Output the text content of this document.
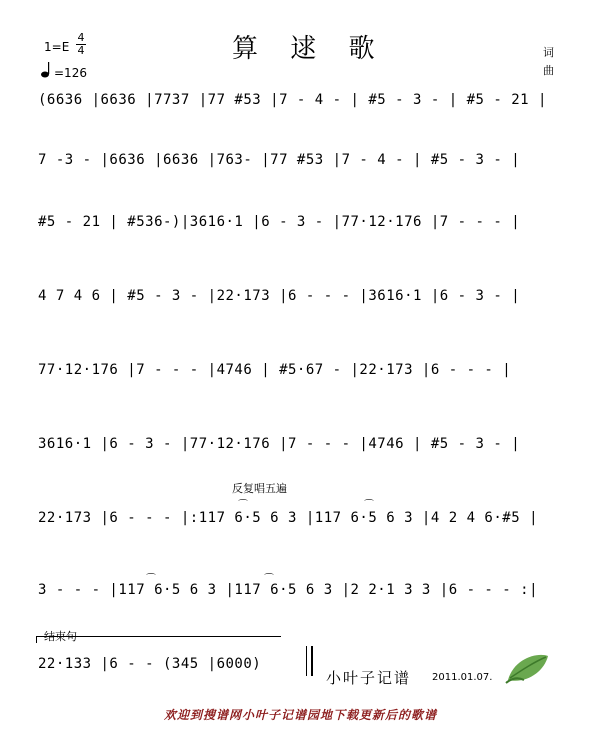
算 逑 歌
1=E
4
4
=126
词
曲
(6636 |6636 |7737 |77 #53 |7 - 4 - | #5 - 3 - | #5 - 21 |
7 -3 - |6636 |6636 |763- |77 #53 |7 - 4 - | #5 - 3 - |
#5 - 21 | #536-)|3616·1 |6 - 3 - |77·12·176 |7 - - - |
4 7 4 6 | #5 - 3 - |22·173 |6 - - - |3616·1 |6 - 3 - |
77·12·176 |7 - - - |4746 | #5·67 - |22·173 |6 - - - |
3616·1 |6 - 3 - |77·12·176 |7 - - - |4746 | #5 - 3 - |
反复唱五遍
22·173 |6 - - - |:117 6·5 6 3 |117 6·5 6 3 |4 2 4 6·#5 |
3 - - - |117 6·5 6 3 |117 6·5 6 3 |2 2·1 3 3 |6 - - - :|
⌒	⌒
⌒	⌒
结束句
22·133 |6 - - (345 |6000)
小叶子记谱 2011.01.07.
欢迎到搜谱网小叶子记谱园地下载更新后的歌谱
